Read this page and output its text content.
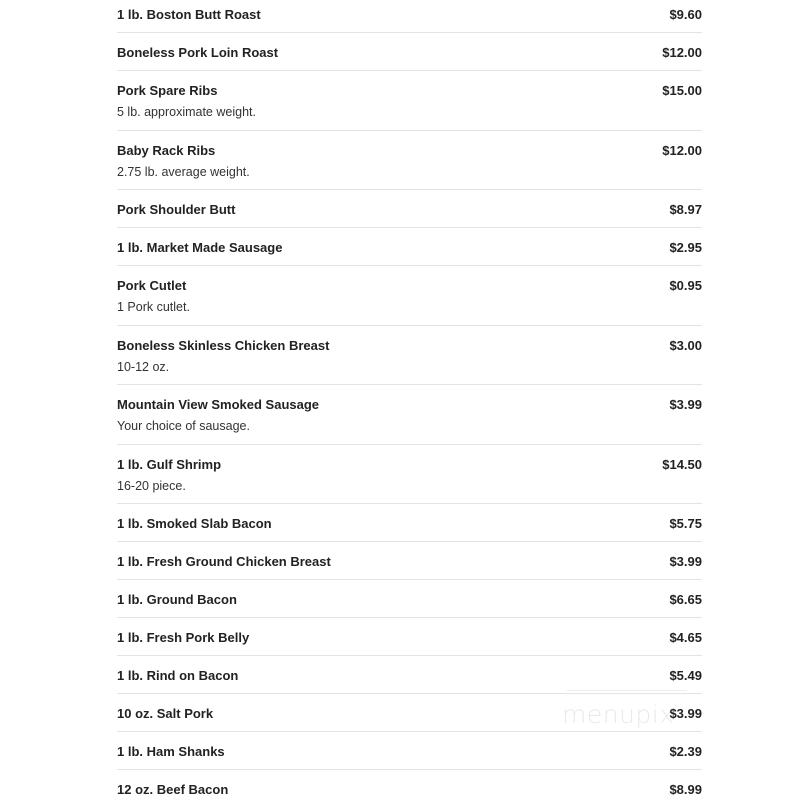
1 lb. Boston Butt Roast	$9.60
Boneless Pork Loin Roast	$12.00
Pork Spare Ribs	$15.00
5 lb. approximate weight.
Baby Rack Ribs	$12.00
2.75 lb. average weight.
Pork Shoulder Butt	$8.97
1 lb. Market Made Sausage	$2.95
Pork Cutlet	$0.95
1 Pork cutlet.
Boneless Skinless Chicken Breast	$3.00
10-12 oz.
Mountain View Smoked Sausage	$3.99
Your choice of sausage.
1 lb. Gulf Shrimp	$14.50
16-20 piece.
1 lb. Smoked Slab Bacon	$5.75
1 lb. Fresh Ground Chicken Breast	$3.99
1 lb. Ground Bacon	$6.65
1 lb. Fresh Pork Belly	$4.65
1 lb. Rind on Bacon	$5.49
10 oz. Salt Pork	$3.99
1 lb. Ham Shanks	$2.39
12 oz. Beef Bacon	$8.99
menupix
